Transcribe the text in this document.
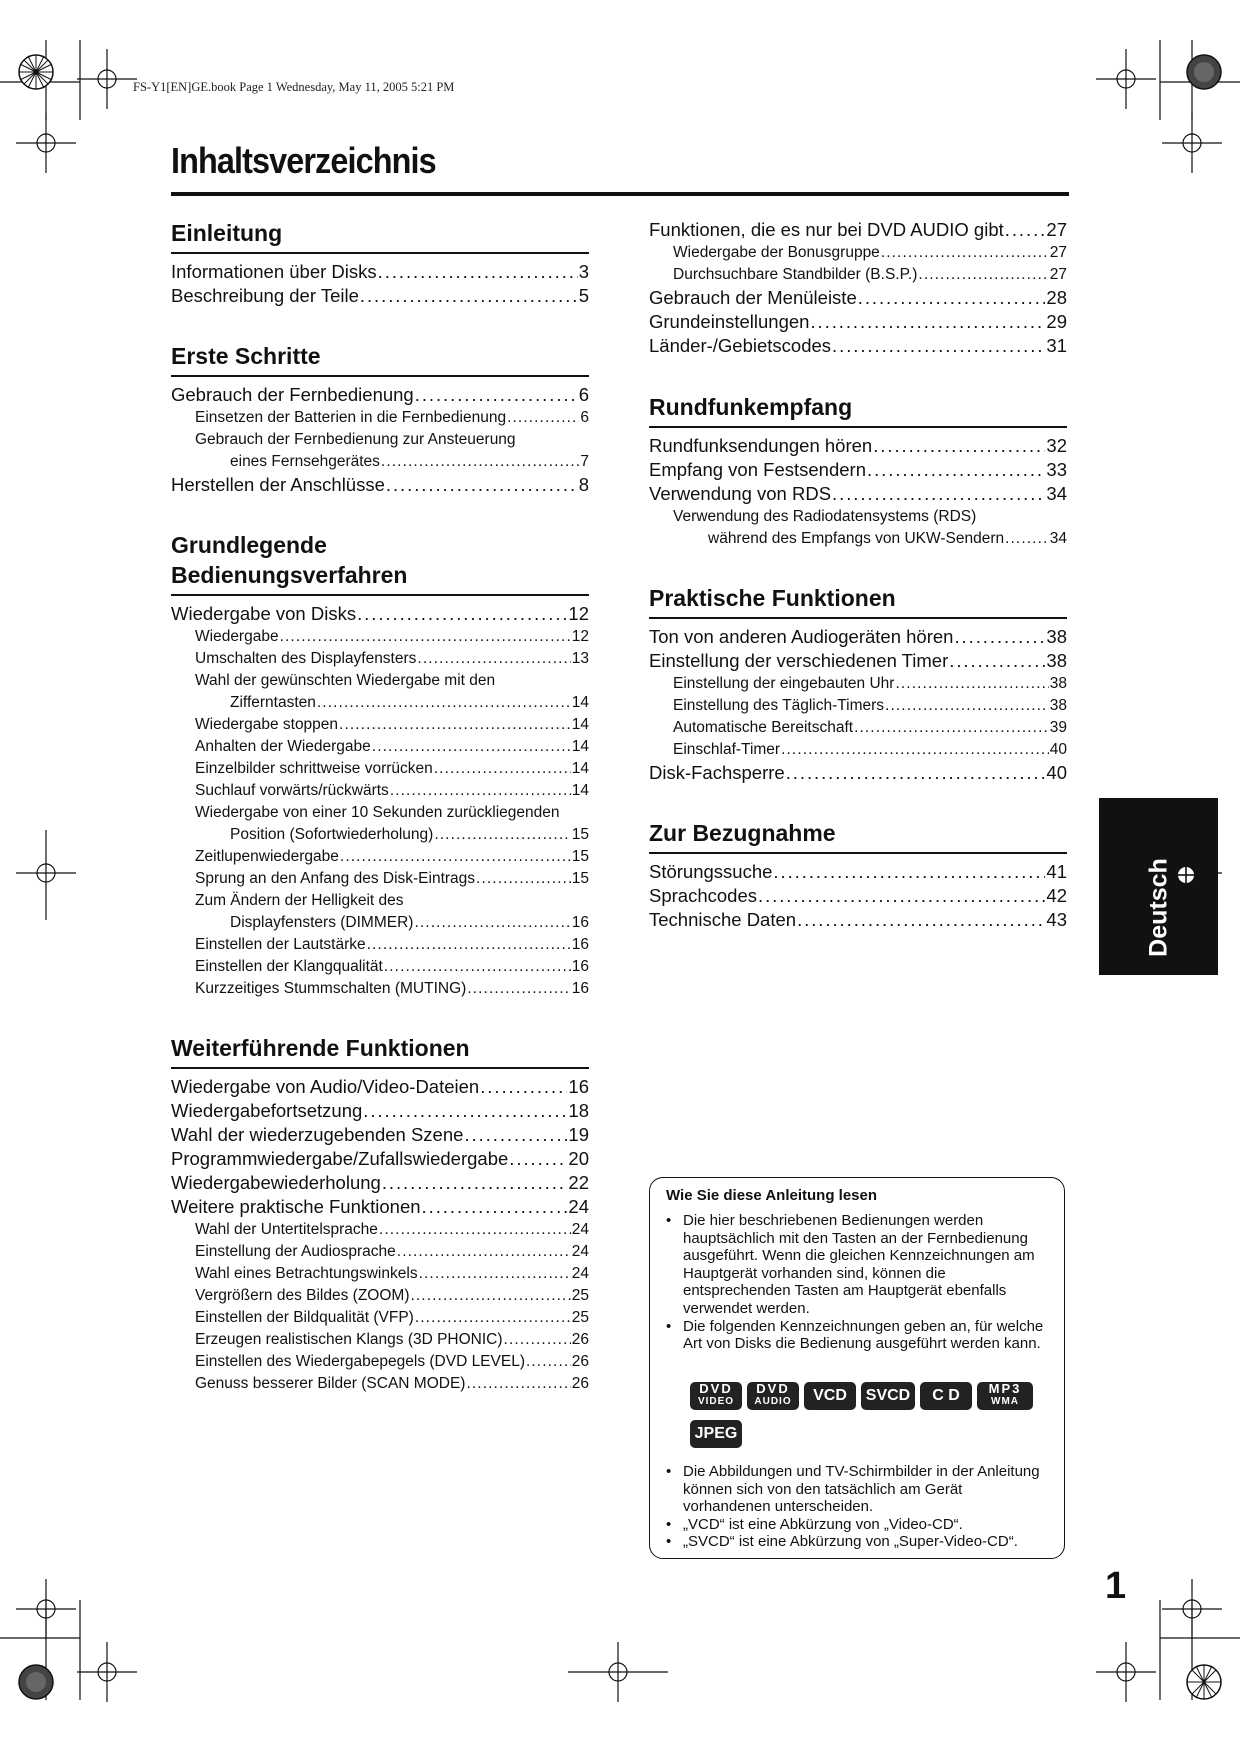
FS-Y1[EN]GE.book Page 1 Wednesday, May 11, 2005 5:21 PM
Inhaltsverzeichnis
Einleitung
Informationen über Disks . . .	3
Beschreibung der Teile . . .	5
Erste Schritte
Gebrauch der Fernbedienung . . .	6
Einsetzen der Batterien in die Fernbedienung . . .	6
Gebrauch der Fernbedienung zur Ansteuerung
eines Fernsehgerätes . . .	7
Herstellen der Anschlüsse . . .	8
Grundlegende Bedienungsverfahren
Wiedergabe von Disks . . .	12
Wiedergabe . . .	12
Umschalten des Displayfensters . . .	13
Wahl der gewünschten Wiedergabe mit den
Zifferntasten . . .	14
Wiedergabe stoppen . . .	14
Anhalten der Wiedergabe . . .	14
Einzelbilder schrittweise vorrücken . . .	14
Suchlauf vorwärts/rückwärts . . .	14
Wiedergabe von einer 10 Sekunden zurückliegenden
Position (Sofortwiederholung) . . .	15
Zeitlupenwiedergabe . . .	15
Sprung an den Anfang des Disk-Eintrags . . .	15
Zum Ändern der Helligkeit des
Displayfensters (DIMMER) . . .	16
Einstellen der Lautstärke . . .	16
Einstellen der Klangqualität . . .	16
Kurzzeitiges Stummschalten (MUTING) . . .	16
Weiterführende Funktionen
Wiedergabe von Audio/Video-Dateien . . .	16
Wiedergabefortsetzung . . .	18
Wahl der wiederzugebenden Szene . . .	19
Programmwiedergabe/Zufallswiedergabe . . .	20
Wiedergabewiederholung . . .	22
Weitere praktische Funktionen . . .	24
Wahl der Untertitelsprache . . .	24
Einstellung der Audiosprache . . .	24
Wahl eines Betrachtungswinkels . . .	24
Vergrößern des Bildes (ZOOM) . . .	25
Einstellen der Bildqualität (VFP) . . .	25
Erzeugen realistischen Klangs (3D PHONIC) . . .	26
Einstellen des Wiedergabepegels (DVD LEVEL) . . .	26
Genuss besserer Bilder (SCAN MODE) . . .	26
Funktionen, die es nur bei DVD AUDIO gibt . . . 27
Wiedergabe der Bonusgruppe . . .	27
Durchsuchbare Standbilder (B.S.P.) . . .	27
Gebrauch der Menüleiste . . .	28
Grundeinstellungen . . .	29
Länder-/Gebietscodes . . .	31
Rundfunkempfang
Rundfunksendungen hören . . .	32
Empfang von Festsendern . . .	33
Verwendung von RDS . . .	34
Verwendung des Radiodatensystems (RDS)
während des Empfangs von UKW-Sendern . . .	34
Praktische Funktionen
Ton von anderen Audiogeräten hören . . .	38
Einstellung der verschiedenen Timer . . .	38
Einstellung der eingebauten Uhr . . .	38
Einstellung des Täglich-Timers . . .	38
Automatische Bereitschaft . . .	39
Einschlaf-Timer . . .	40
Disk-Fachsperre . . .	40
Zur Bezugnahme
Störungssuche . . .	41
Sprachcodes . . .	42
Technische Daten . . .	43	Deutsch
Wie Sie diese Anleitung lesen
• Die hier beschriebenen Bedienungen werden hauptsächlich mit den Tasten an der Fernbedienung ausgeführt. Wenn die gleichen Kennzeichnungen am Hauptgerät vorhanden sind, können die entsprechenden Tasten am Hauptgerät ebenfalls verwendet werden.
• Die folgenden Kennzeichnungen geben an, für welche Art von Disks die Bedienung ausgeführt werden kann.
DVD
VIDEO
DVD
AUDIO	VCD	SVCD	C D	MP3
WMA
JPEG
• Die Abbildungen und TV-Schirmbilder in der Anleitung können sich von den tatsächlich am Gerät vorhandenen unterscheiden.
• „VCD“ ist eine Abkürzung von „Video-CD“.
• „SVCD“ ist eine Abkürzung von „Super-Video-CD“.
1
